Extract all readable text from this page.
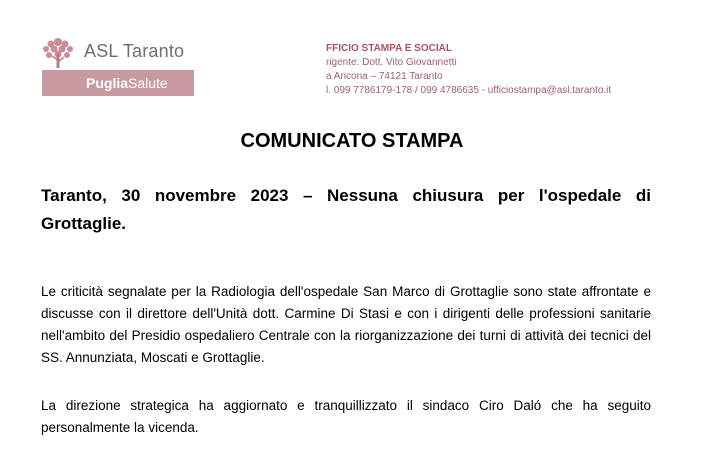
ASL Taranto
PugliaSalute
FFICIO STAMPA E SOCIAL
rigente: Dott. Vito Giovannetti
a Ancona – 74121 Taranto
l. 099 7786179-178 / 099 4786635 - ufficiostampa@asl.taranto.it
COMUNICATO STAMPA
Taranto, 30 novembre 2023 – Nessuna chiusura per l'ospedale di Grottaglie.
Le criticità segnalate per la Radiologia dell'ospedale San Marco di Grottaglie sono state affrontate e discusse con il direttore dell'Unità dott. Carmine Di Stasi e con i dirigenti delle professioni sanitarie nell'ambito del Presidio ospedaliero Centrale con la riorganizzazione dei turni di attività dei tecnici del SS. Annunziata, Moscati e Grottaglie.
La direzione strategica ha aggiornato e tranquillizzato il sindaco Ciro Daló che ha seguito personalmente la vicenda.
